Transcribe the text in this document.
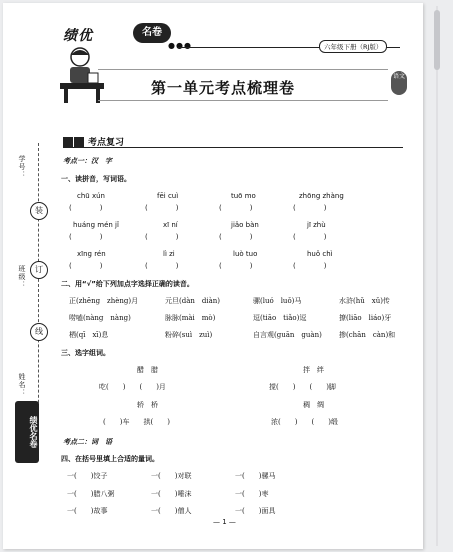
学号：
班级：
姓名：
装
订
线
绩优名卷
绩优	名卷
●●●	六年级下册（RJ版）
第一单元考点梳理卷
语文
考点复习
考点一：汉　字
一、读拼音，写词语。
chū xún	fēi cuì	tuō mo	zhōng zhàng
(　　　　)	(　　　　)	(　　　　)	(　　　　)
huáng mén jǐ	xī ní	jiǎo bàn	jī zhù
(　　　　)	(　　　　)	(　　　　)	(　　　　)
xīng rén	lì zi	luò tuo	huǒ chì
(　　　　)	(　　　　)	(　　　　)	(　　　　)
二、用“√”给下列加点字选择正确的读音。
正(zhēng　zhèng)月	元旦(dàn　diàn)	骡(luó　luǒ)马	水浒(hǔ　xǔ)传
唠嗑(nàng　nàng)	脉脉(mài　mò)	逗(tiāo　tiǎo)逗	撩(liāo　liáo)牙
栖(qī　xī)息	粉碎(suì　zuì)	自言观(guān　guàn) 掺(chān　càn)和
三、选字组词。
醋　腊	拌　绊
吃(　　)　　(　　)月	搅(　　)　　(　　)脚
轿　桥	稠　绸
(　　)车　　拱(　　)	浓(　　)　　(　　)缎
考点二：词　语
四、在括号里填上合适的量词。
一(　　)饺子	一(　　)对联	一(　　)骡马
一(　　)腊八粥	一(　　)唾沫	一(　　)枣
一(　　)故事	一(　　)僧人	一(　　)面具
— 1 —
